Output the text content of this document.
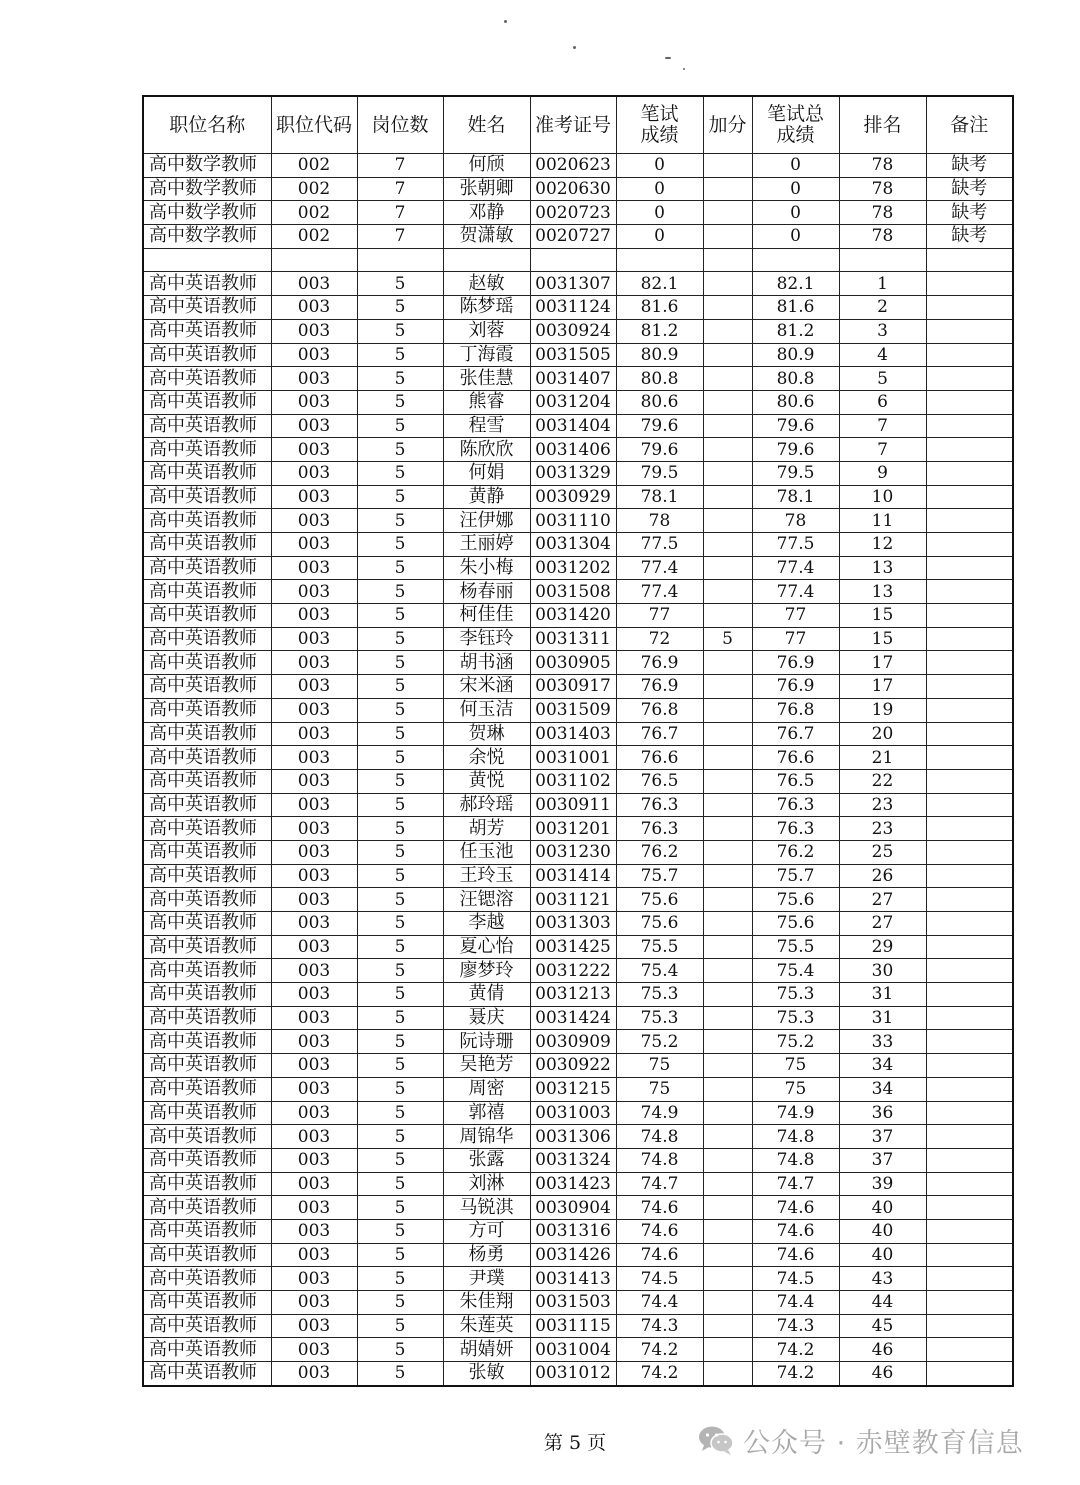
职位名称	职位代码	岗位数	姓名	准考证号	笔试成绩	加分	笔试总成绩	排名	备注
高中数学教师	002	7	何颀	0020623	0		0	78	缺考
高中数学教师	002	7	张朝卿	0020630	0		0	78	缺考
高中数学教师	002	7	邓静	0020723	0		0	78	缺考
高中数学教师	002	7	贺潇敏	0020727	0		0	78	缺考

高中英语教师	003	5	赵敏	0031307	82.1		82.1	1	
高中英语教师	003	5	陈梦瑶	0031124	81.6		81.6	2	
高中英语教师	003	5	刘蓉	0030924	81.2		81.2	3	
高中英语教师	003	5	丁海霞	0031505	80.9		80.9	4	
高中英语教师	003	5	张佳慧	0031407	80.8		80.8	5	
高中英语教师	003	5	熊睿	0031204	80.6		80.6	6	
高中英语教师	003	5	程雪	0031404	79.6		79.6	7	
高中英语教师	003	5	陈欣欣	0031406	79.6		79.6	7	
高中英语教师	003	5	何娟	0031329	79.5		79.5	9	
高中英语教师	003	5	黄静	0030929	78.1		78.1	10	
高中英语教师	003	5	汪伊娜	0031110	78		78	11	
高中英语教师	003	5	王丽婷	0031304	77.5		77.5	12	
高中英语教师	003	5	朱小梅	0031202	77.4		77.4	13	
高中英语教师	003	5	杨春丽	0031508	77.4		77.4	13	
高中英语教师	003	5	柯佳佳	0031420	77		77	15	
高中英语教师	003	5	李钰玲	0031311	72	5	77	15	
高中英语教师	003	5	胡书涵	0030905	76.9		76.9	17	
高中英语教师	003	5	宋米涵	0030917	76.9		76.9	17	
高中英语教师	003	5	何玉洁	0031509	76.8		76.8	19	
高中英语教师	003	5	贺琳	0031403	76.7		76.7	20	
高中英语教师	003	5	余悦	0031001	76.6		76.6	21	
高中英语教师	003	5	黄悦	0031102	76.5		76.5	22	
高中英语教师	003	5	郝玲瑶	0030911	76.3		76.3	23	
高中英语教师	003	5	胡芳	0031201	76.3		76.3	23	
高中英语教师	003	5	任玉池	0031230	76.2		76.2	25	
高中英语教师	003	5	王玲玉	0031414	75.7		75.7	26	
高中英语教师	003	5	汪锶溶	0031121	75.6		75.6	27	
高中英语教师	003	5	李越	0031303	75.6		75.6	27	
高中英语教师	003	5	夏心怡	0031425	75.5		75.5	29	
高中英语教师	003	5	廖梦玲	0031222	75.4		75.4	30	
高中英语教师	003	5	黄倩	0031213	75.3		75.3	31	
高中英语教师	003	5	聂庆	0031424	75.3		75.3	31	
高中英语教师	003	5	阮诗珊	0030909	75.2		75.2	33	
高中英语教师	003	5	吴艳芳	0030922	75		75	34	
高中英语教师	003	5	周密	0031215	75		75	34	
高中英语教师	003	5	郭禧	0031003	74.9		74.9	36	
高中英语教师	003	5	周锦华	0031306	74.8		74.8	37	
高中英语教师	003	5	张露	0031324	74.8		74.8	37	
高中英语教师	003	5	刘淋	0031423	74.7		74.7	39	
高中英语教师	003	5	马锐淇	0030904	74.6		74.6	40	
高中英语教师	003	5	方可	0031316	74.6		74.6	40	
高中英语教师	003	5	杨勇	0031426	74.6		74.6	40	
高中英语教师	003	5	尹璞	0031413	74.5		74.5	43	
高中英语教师	003	5	朱佳翔	0031503	74.4		74.4	44	
高中英语教师	003	5	朱莲英	0031115	74.3		74.3	45	
高中英语教师	003	5	胡婧妍	0031004	74.2		74.2	46	
高中英语教师	003	5	张敏	0031012	74.2		74.2	46	
第 5 页	公众号 · 赤壁教育信息
